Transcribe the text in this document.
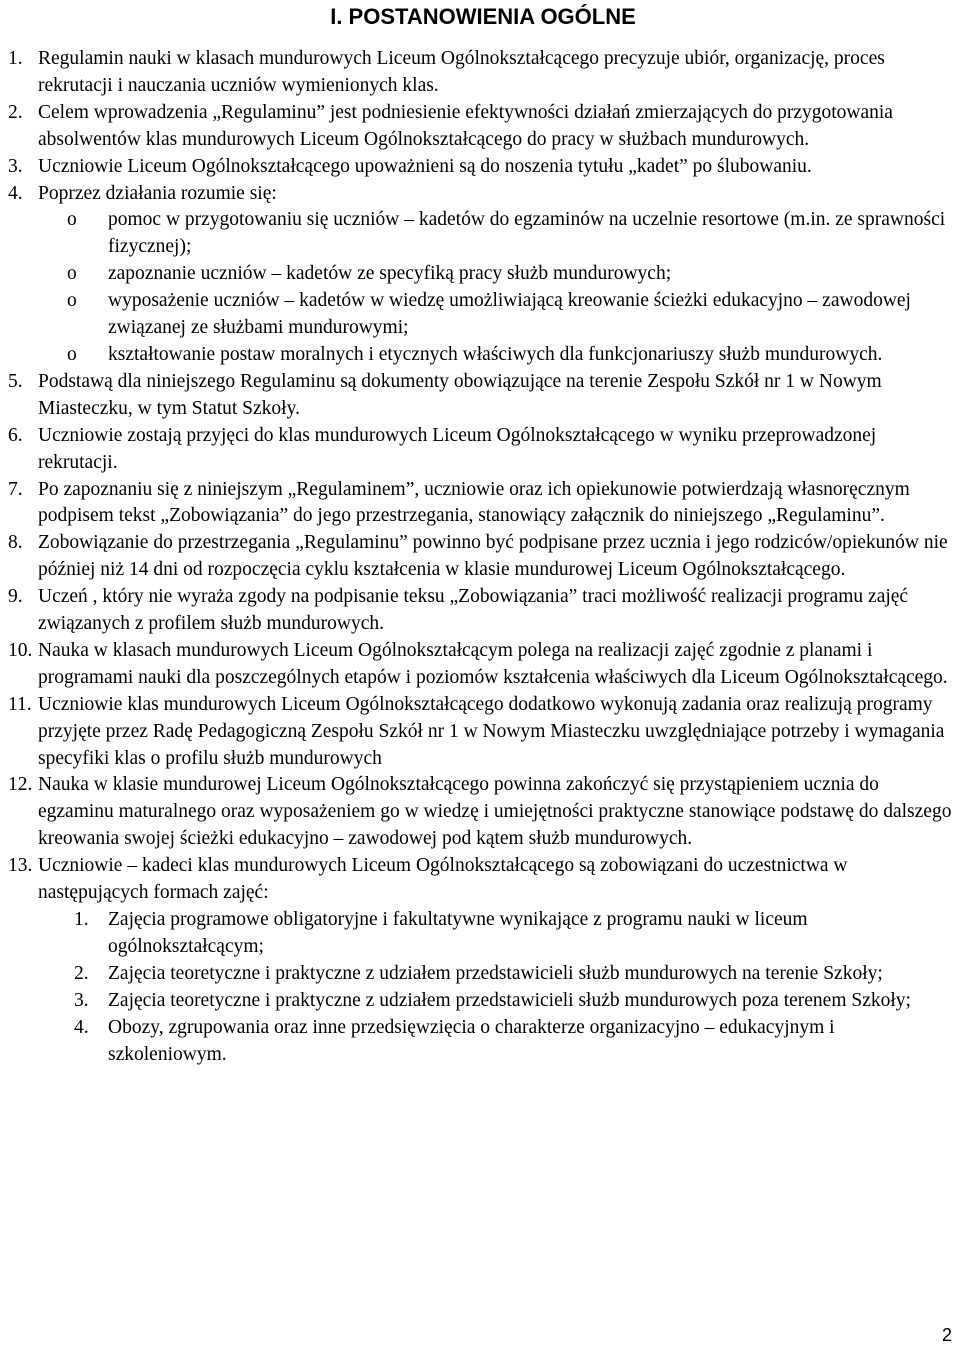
I. POSTANOWIENIA OGÓLNE
1. Regulamin nauki w klasach mundurowych Liceum Ogólnokształcącego precyzuje ubiór, organizację, proces rekrutacji i nauczania uczniów wymienionych klas.
2. Celem wprowadzenia „Regulaminu” jest podniesienie efektywności działań zmierzających do przygotowania absolwentów klas mundurowych Liceum Ogólnokształcącego do pracy w służbach mundurowych.
3. Uczniowie Liceum Ogólnokształcącego upoważnieni są do noszenia tytułu „kadet” po ślubowaniu.
4. Poprzez działania rozumie się:
o pomoc w przygotowaniu się uczniów – kadetów do egzaminów na uczelnie resortowe (m.in. ze sprawności fizycznej);
o zapoznanie uczniów – kadetów ze specyfiką pracy służb mundurowych;
o wyposażenie uczniów – kadetów w wiedzę umożliwiającą kreowanie ścieżki edukacyjno – zawodowej związanej ze służbami mundurowymi;
o kształtowanie postaw moralnych i etycznych właściwych dla funkcjonariuszy służb mundurowych.
5. Podstawą dla niniejszego Regulaminu są dokumenty obowiązujące na terenie Zespołu Szkół nr 1 w Nowym Miasteczku, w tym Statut Szkoły.
6. Uczniowie zostają przyjęci do klas mundurowych Liceum Ogólnokształcącego w wyniku przeprowadzonej rekrutacji.
7. Po zapoznaniu się z niniejszym „Regulaminem”, uczniowie oraz ich opiekunowie potwierdzają własnoręcznym podpisem tekst „Zobowiązania” do jego przestrzegania, stanowiący załącznik do niniejszego „Regulaminu”.
8. Zobowiązanie do przestrzegania „Regulaminu” powinno być podpisane przez ucznia i jego rodziców/opiekunów nie później niż 14 dni od rozpoczęcia cyklu kształcenia w klasie mundurowej Liceum Ogólnokształcącego.
9. Uczeń , który nie wyraża zgody na podpisanie teksu „Zobowiązania” traci możliwość realizacji programu zajęć związanych z profilem służb mundurowych.
10. Nauka w klasach mundurowych Liceum Ogólnokształcącym polega na realizacji zajęć zgodnie z planami i programami nauki dla poszczególnych etapów i poziomów kształcenia właściwych dla Liceum Ogólnokształcącego.
11. Uczniowie klas mundurowych Liceum Ogólnokształcącego dodatkowo wykonują zadania oraz realizują programy przyjęte przez Radę Pedagogiczną Zespołu Szkół nr 1 w Nowym Miasteczku uwzględniające potrzeby i wymagania specyfiki klas o profilu służb mundurowych
12. Nauka w klasie mundurowej Liceum Ogólnokształcącego powinna zakończyć się przystąpieniem ucznia do egzaminu maturalnego oraz wyposażeniem go w wiedzę i umiejętności praktyczne stanowiące podstawę do dalszego kreowania swojej ścieżki edukacyjno – zawodowej pod kątem służb mundurowych.
13. Uczniowie – kadeci klas mundurowych Liceum Ogólnokształcącego są zobowiązani do uczestnictwa w następujących formach zajęć:
1. Zajęcia programowe obligatoryjne i fakultatywne wynikające z programu nauki w liceum ogólnokształcącym;
2. Zajęcia teoretyczne i praktyczne z udziałem przedstawicieli służb mundurowych na terenie Szkoły;
3. Zajęcia teoretyczne i praktyczne z udziałem przedstawicieli służb mundurowych poza terenem Szkoły;
4. Obozy, zgrupowania oraz inne przedsięwzięcia o charakterze organizacyjno – edukacyjnym i szkoleniowym.
2
